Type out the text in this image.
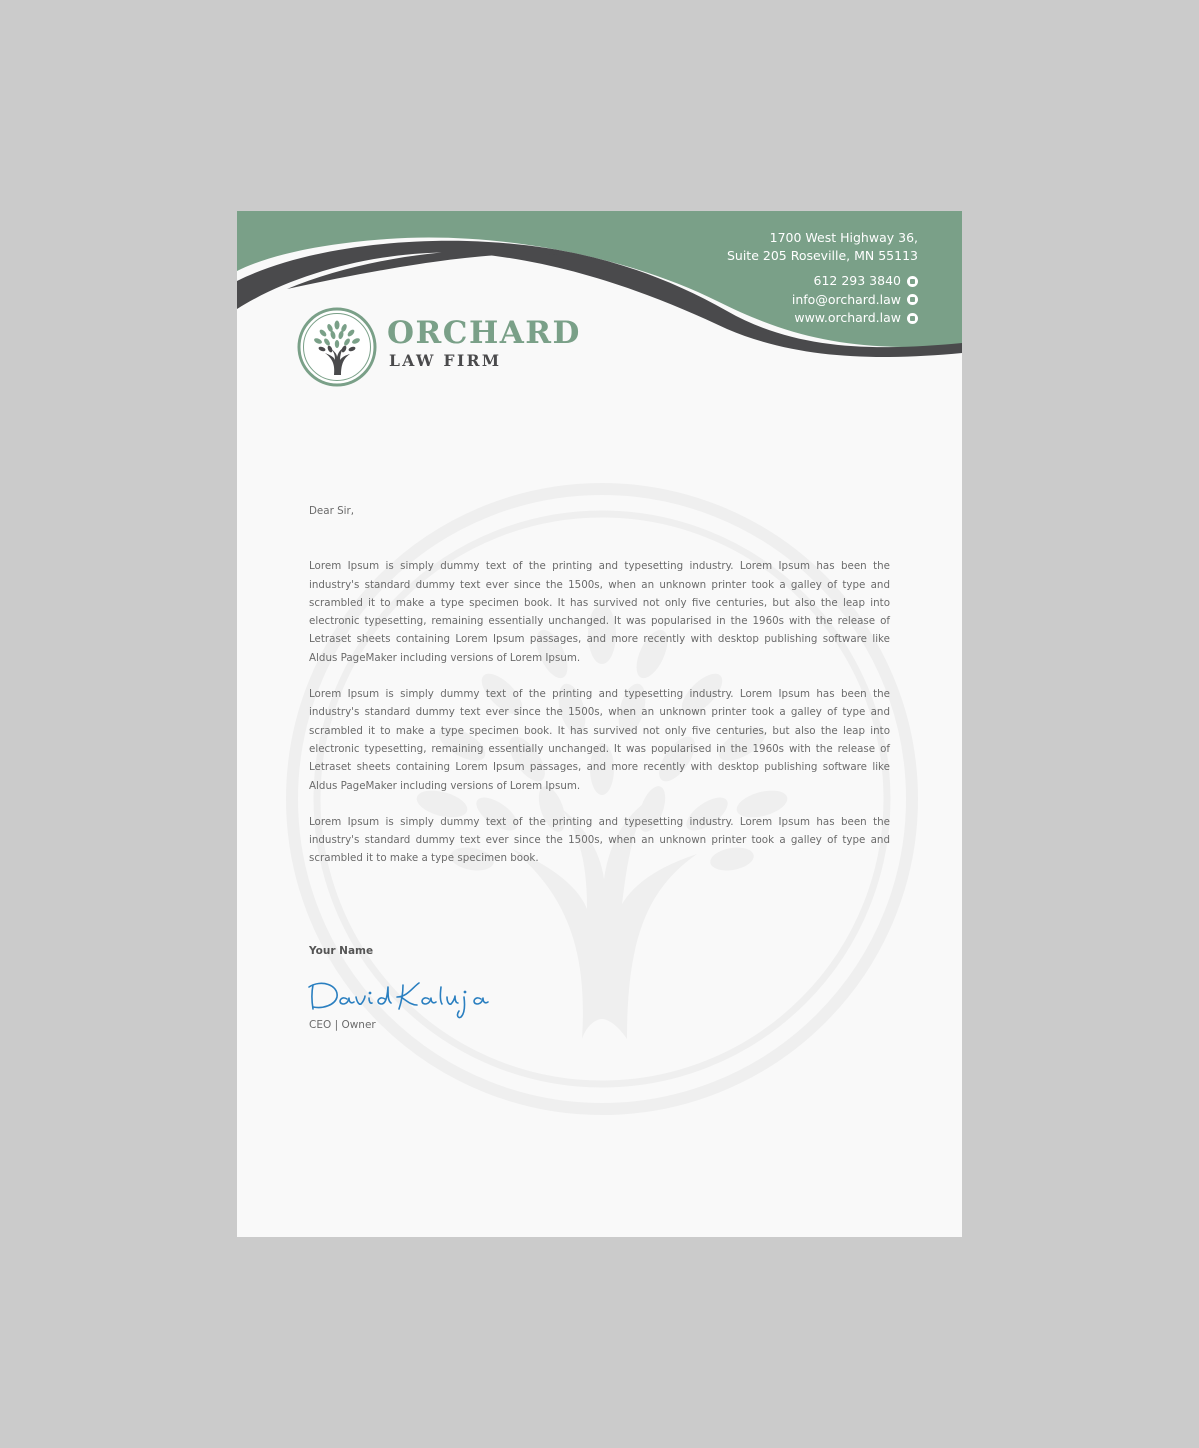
1700 West Highway 36,
Suite 205 Roseville, MN 55113
612 293 3840
info@orchard.law
www.orchard.law
ORCHARD
LAW FIRM

Dear Sir,

Lorem Ipsum is simply dummy text of the printing and typesetting industry. Lorem Ipsum has been the industry's standard dummy text ever since the 1500s, when an unknown printer took a galley of type and scrambled it to make a type specimen book. It has survived not only five centuries, but also the leap into electronic typesetting, remaining essentially unchanged. It was popularised in the 1960s with the release of Letraset sheets containing Lorem Ipsum passages, and more recently with desktop publishing software like Aldus PageMaker including versions of Lorem Ipsum.

Lorem Ipsum is simply dummy text of the printing and typesetting industry. Lorem Ipsum has been the industry's standard dummy text ever since the 1500s, when an unknown printer took a galley of type and scrambled it to make a type specimen book. It has survived not only five centuries, but also the leap into electronic typesetting, remaining essentially unchanged. It was popularised in the 1960s with the release of Letraset sheets containing Lorem Ipsum passages, and more recently with desktop publishing software like Aldus PageMaker including versions of Lorem Ipsum.

Lorem Ipsum is simply dummy text of the printing and typesetting industry. Lorem Ipsum has been the industry's standard dummy text ever since the 1500s, when an unknown printer took a galley of type and scrambled it to make a type specimen book.

Your Name
CEO | Owner
